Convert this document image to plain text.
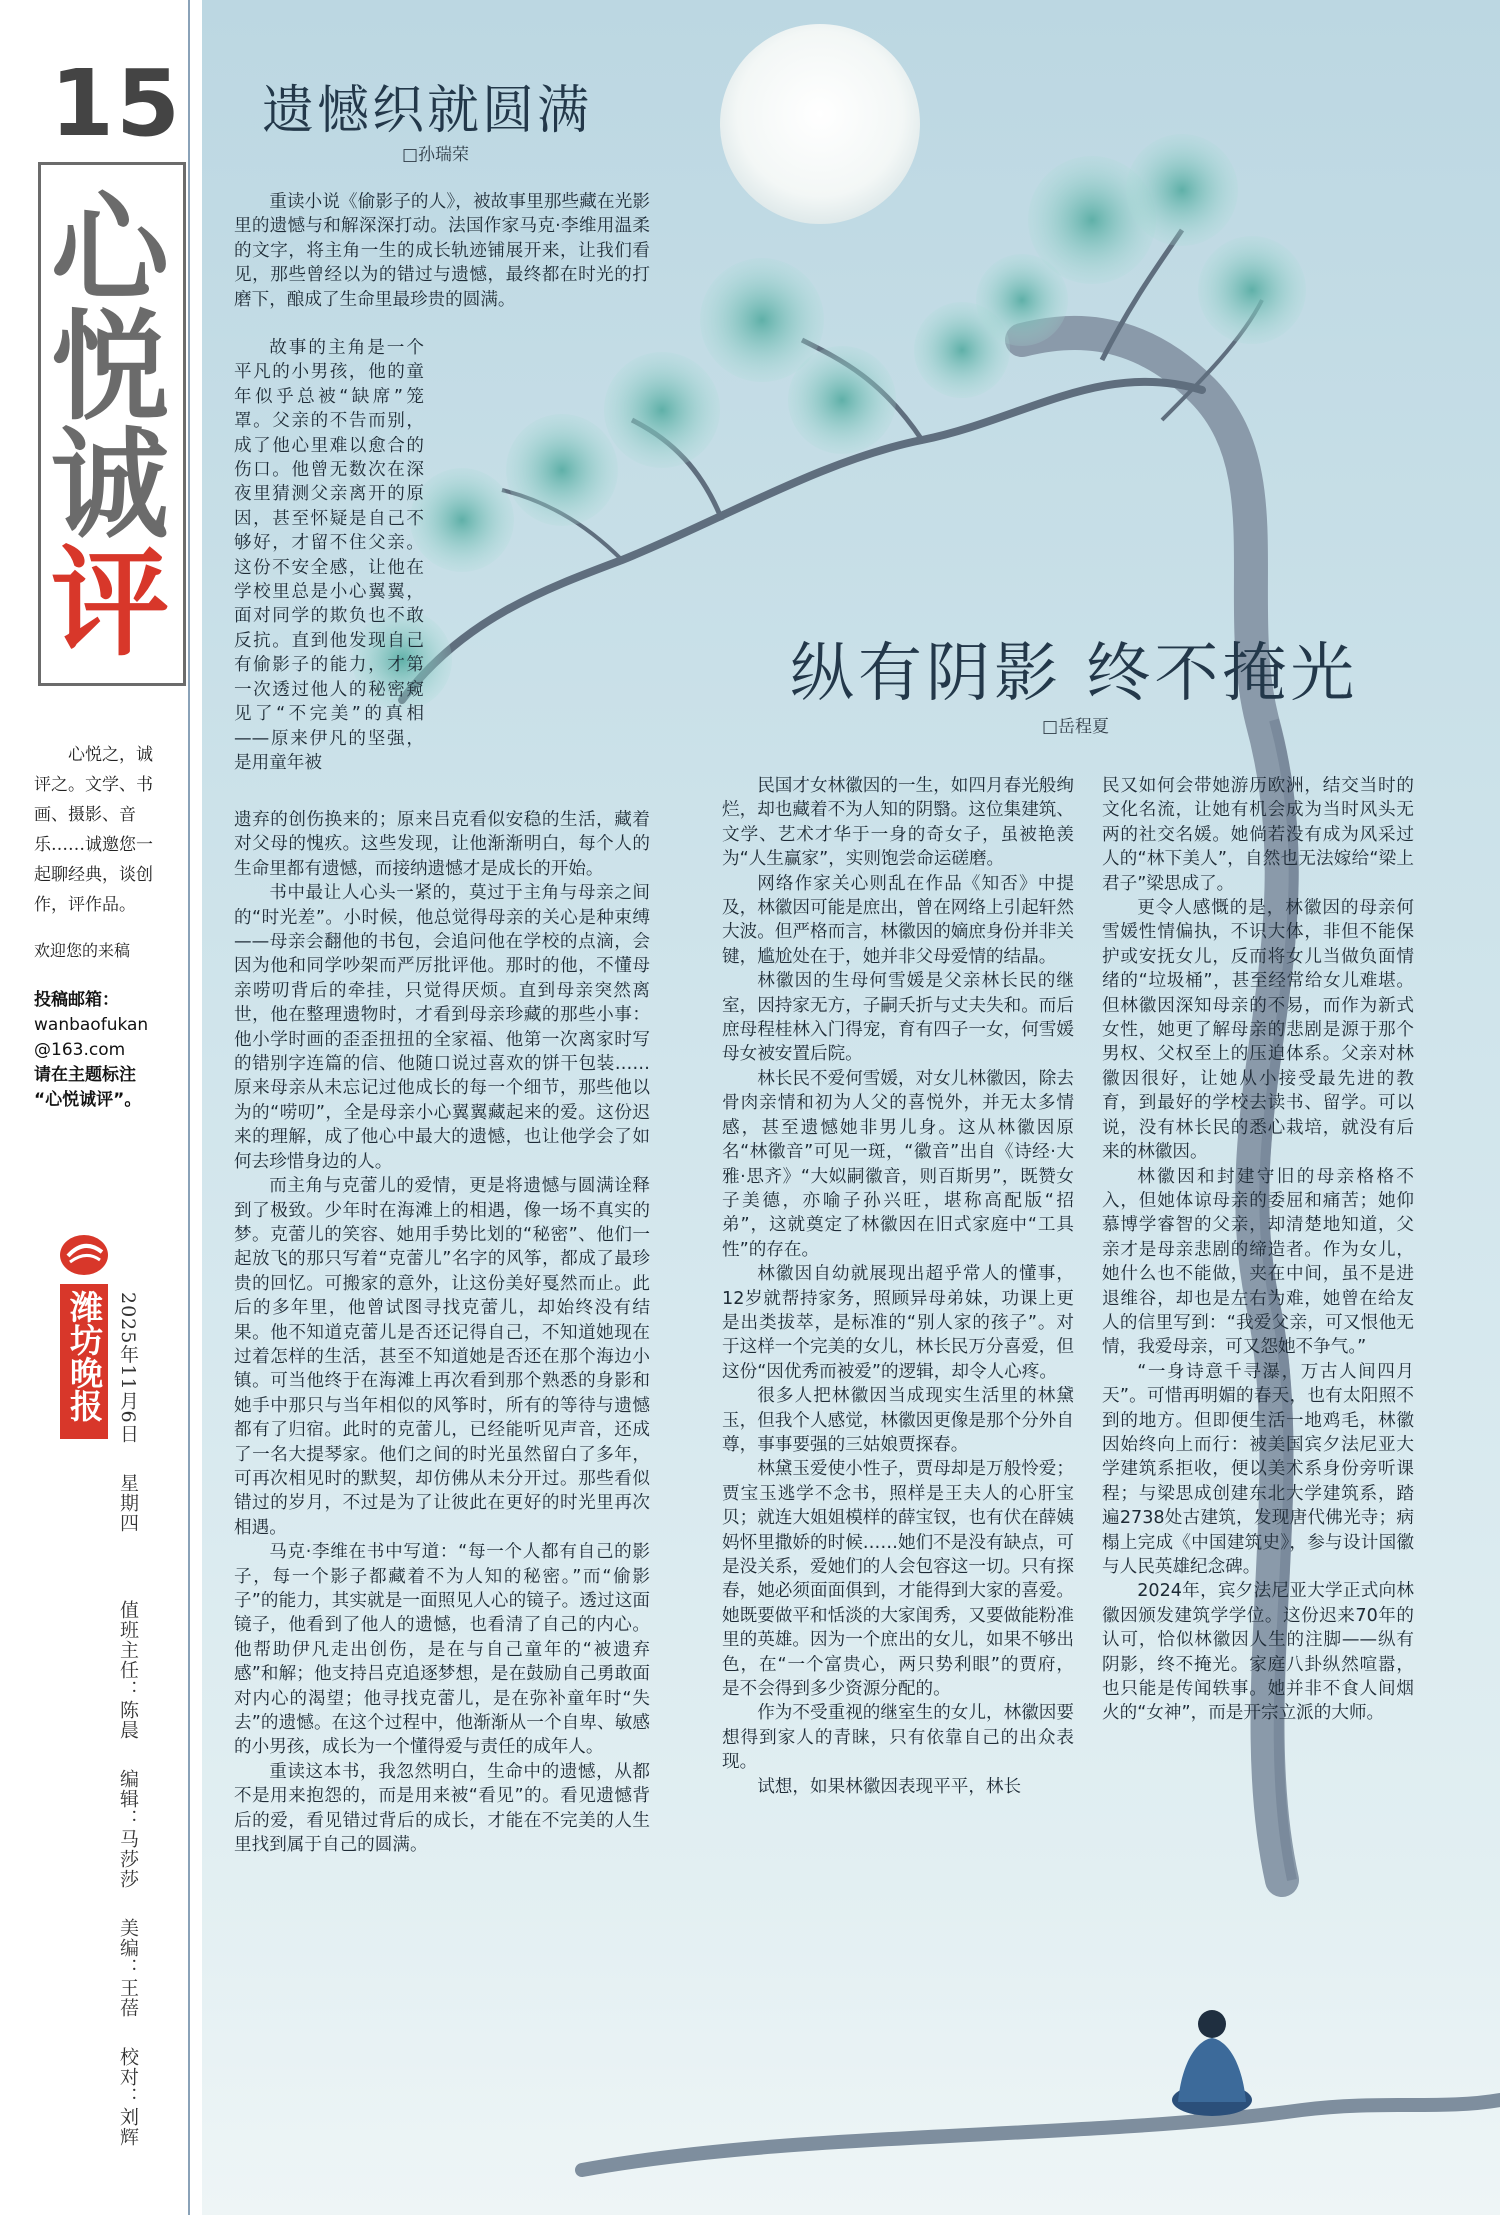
15
心
悦
诚
评
心悦之，诚评之。文学、书画、摄影、音乐……诚邀您一起聊经典，谈创作，评作品。
欢迎您的来稿
投稿邮箱：
wanbaofukan
@163.com
请在主题标注
“心悦诚评”。
潍坊晚报 2025年11月6日 星期四 值班主任：陈晨 编辑：马莎莎 美编：王蓓 校对：刘辉
遗憾织就圆满
□孙瑞荣

重读小说《偷影子的人》，被故事里那些藏在光影里的遗憾与和解深深打动。法国作家马克·李维用温柔的文字，将主角一生的成长轨迹铺展开来，让我们看见，那些曾经以为的错过与遗憾，最终都在时光的打磨下，酿成了生命里最珍贵的圆满。

故事的主角是一个平凡的小男孩，他的童年似乎总被“缺席”笼罩。父亲的不告而别，成了他心里难以愈合的伤口。他曾无数次在深夜里猜测父亲离开的原因，甚至怀疑是自己不够好，才留不住父亲。这份不安全感，让他在学校里总是小心翼翼，面对同学的欺负也不敢反抗。直到他发现自己有偷影子的能力，才第一次透过他人的秘密窥见了“不完美”的真相——原来伊凡的坚强，是用童年被

遗弃的创伤换来的；原来吕克看似安稳的生活，藏着对父母的愧疚。这些发现，让他渐渐明白，每个人的生命里都有遗憾，而接纳遗憾才是成长的开始。

书中最让人心头一紧的，莫过于主角与母亲之间的“时光差”。小时候，他总觉得母亲的关心是种束缚——母亲会翻他的书包，会追问他在学校的点滴，会因为他和同学吵架而严厉批评他。那时的他，不懂母亲唠叨背后的牵挂，只觉得厌烦。直到母亲突然离世，他在整理遗物时，才看到母亲珍藏的那些小事：他小学时画的歪歪扭扭的全家福、他第一次离家时写的错别字连篇的信、他随口说过喜欢的饼干包装……原来母亲从未忘记过他成长的每一个细节，那些他以为的“唠叨”，全是母亲小心翼翼藏起来的爱。这份迟来的理解，成了他心中最大的遗憾，也让他学会了如何去珍惜身边的人。

而主角与克蕾儿的爱情，更是将遗憾与圆满诠释到了极致。少年时在海滩上的相遇，像一场不真实的梦。克蕾儿的笑容、她用手势比划的“秘密”、他们一起放飞的那只写着“克蕾儿”名字的风筝，都成了最珍贵的回忆。可搬家的意外，让这份美好戛然而止。此后的多年里，他曾试图寻找克蕾儿，却始终没有结果。他不知道克蕾儿是否还记得自己，不知道她现在过着怎样的生活，甚至不知道她是否还在那个海边小镇。可当他终于在海滩上再次看到那个熟悉的身影和她手中那只与当年相似的风筝时，所有的等待与遗憾都有了归宿。此时的克蕾儿，已经能听见声音，还成了一名大提琴家。他们之间的时光虽然留白了多年，可再次相见时的默契，却仿佛从未分开过。那些看似错过的岁月，不过是为了让彼此在更好的时光里再次相遇。

马克·李维在书中写道：“每一个人都有自己的影子，每一个影子都藏着不为人知的秘密。”而“偷影子”的能力，其实就是一面照见人心的镜子。透过这面镜子，他看到了他人的遗憾，也看清了自己的内心。他帮助伊凡走出创伤，是在与自己童年的“被遗弃感”和解；他支持吕克追逐梦想，是在鼓励自己勇敢面对内心的渴望；他寻找克蕾儿，是在弥补童年时“失去”的遗憾。在这个过程中，他渐渐从一个自卑、敏感的小男孩，成长为一个懂得爱与责任的成年人。

重读这本书，我忽然明白，生命中的遗憾，从都不是用来抱怨的，而是用来被“看见”的。看见遗憾背后的爱，看见错过背后的成长，才能在不完美的人生里找到属于自己的圆满。

纵有阴影 终不掩光
□岳程夏

民国才女林徽因的一生，如四月春光般绚烂，却也藏着不为人知的阴翳。这位集建筑、文学、艺术才华于一身的奇女子，虽被艳羡为“人生赢家”，实则饱尝命运磋磨。

网络作家关心则乱在作品《知否》中提及，林徽因可能是庶出，曾在网络上引起轩然大波。但严格而言，林徽因的嫡庶身份并非关键，尴尬处在于，她并非父母爱情的结晶。

林徽因的生母何雪媛是父亲林长民的继室，因持家无方，子嗣夭折与丈夫失和。而后庶母程桂林入门得宠，育有四子一女，何雪媛母女被安置后院。

林长民不爱何雪媛，对女儿林徽因，除去骨肉亲情和初为人父的喜悦外，并无太多情感，甚至遗憾她非男儿身。这从林徽因原名“林徽音”可见一斑，“徽音”出自《诗经·大雅·思齐》“大姒嗣徽音，则百斯男”，既赞女子美德，亦喻子孙兴旺，堪称高配版“招弟”，这就奠定了林徽因在旧式家庭中“工具性”的存在。

林徽因自幼就展现出超乎常人的懂事，12岁就帮持家务，照顾异母弟妹，功课上更是出类拔萃，是标准的“别人家的孩子”。对于这样一个完美的女儿，林长民万分喜爱，但这份“因优秀而被爱”的逻辑，却令人心疼。

很多人把林徽因当成现实生活里的林黛玉，但我个人感觉，林徽因更像是那个分外自尊，事事要强的三姑娘贾探春。

林黛玉爱使小性子，贾母却是万般怜爱；贾宝玉逃学不念书，照样是王夫人的心肝宝贝；就连大姐姐模样的薛宝钗，也有伏在薛姨妈怀里撒娇的时候……她们不是没有缺点，可是没关系，爱她们的人会包容这一切。只有探春，她必须面面俱到，才能得到大家的喜爱。她既要做平和恬淡的大家闺秀，又要做能粉准里的英雄。因为一个庶出的女儿，如果不够出色，在“一个富贵心，两只势利眼”的贾府，是不会得到多少资源分配的。

作为不受重视的继室生的女儿，林徽因要想得到家人的青睐，只有依靠自己的出众表现。

试想，如果林徽因表现平平，林长

民又如何会带她游历欧洲，结交当时的文化名流，让她有机会成为当时风头无两的社交名媛。她倘若没有成为风采过人的“林下美人”，自然也无法嫁给“梁上君子”梁思成了。

更令人感慨的是，林徽因的母亲何雪媛性情偏执，不识大体，非但不能保护或安抚女儿，反而将女儿当做负面情绪的“垃圾桶”，甚至经常给女儿难堪。但林徽因深知母亲的不易，而作为新式女性，她更了解母亲的悲剧是源于那个男权、父权至上的压迫体系。父亲对林徽因很好，让她从小接受最先进的教育，到最好的学校去读书、留学。可以说，没有林长民的悉心栽培，就没有后来的林徽因。

林徽因和封建守旧的母亲格格不入，但她体谅母亲的委屈和痛苦；她仰慕博学睿智的父亲，却清楚地知道，父亲才是母亲悲剧的缔造者。作为女儿，她什么也不能做，夹在中间，虽不是进退维谷，却也是左右为难，她曾在给友人的信里写到：“我爱父亲，可又恨他无情，我爱母亲，可又怨她不争气。”

“一身诗意千寻瀑，万古人间四月天”。可惜再明媚的春天，也有太阳照不到的地方。但即便生活一地鸡毛，林徽因始终向上而行：被美国宾夕法尼亚大学建筑系拒收，便以美术系身份旁听课程；与梁思成创建东北大学建筑系，踏遍2738处古建筑，发现唐代佛光寺；病榻上完成《中国建筑史》，参与设计国徽与人民英雄纪念碑。

2024年，宾夕法尼亚大学正式向林徽因颁发建筑学学位。这份迟来70年的认可，恰似林徽因人生的注脚——纵有阴影，终不掩光。家庭八卦纵然喧嚣，也只能是传闻轶事。她并非不食人间烟火的“女神”，而是开宗立派的大师。
